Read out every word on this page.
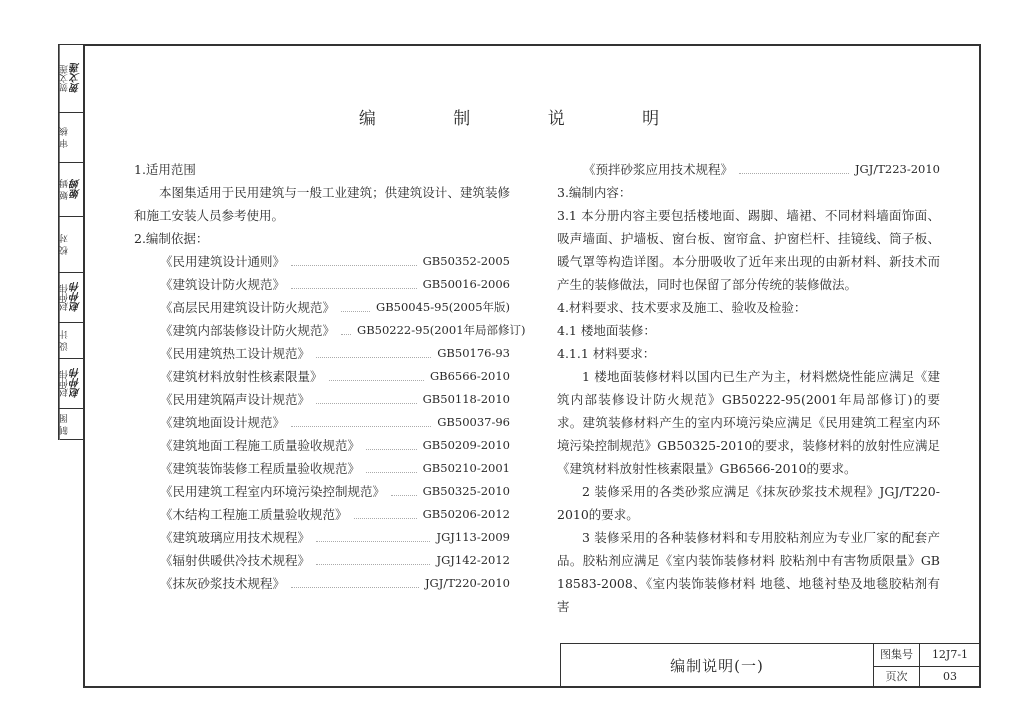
贺文莲 贺文莲
审 核
姬 姆 姬姆
校 对
赵仲伟 赵仲伟
设 计
赵仲伟 赵仲伟
制 图
编 制 说 明

1.适用范围

本图集适用于民用建筑与一般工业建筑；供建筑设计、建筑装修和施工安装人员参考使用。

2.编制依据：

《民用建筑设计通则》	GB50352-2005
《建筑设计防火规范》	GB50016-2006
《高层民用建筑设计防火规范》	GB50045-95(2005年版)
《建筑内部装修设计防火规范》 GB50222-95(2001年局部修订)
《民用建筑热工设计规范》	GB50176-93
《建筑材料放射性核素限量》	GB6566-2010
《民用建筑隔声设计规范》	GB50118-2010
《建筑地面设计规范》	GB50037-96
《建筑地面工程施工质量验收规范》	GB50209-2010
《建筑装饰装修工程质量验收规范》	GB50210-2001
《民用建筑工程室内环境污染控制规范》	GB50325-2010
《木结构工程施工质量验收规范》	GB50206-2012
《建筑玻璃应用技术规程》	JGJ113-2009
《辐射供暖供冷技术规程》	JGJ142-2012
《抹灰砂浆技术规程》	JGJ/T220-2010
《预拌砂浆应用技术规程》	JGJ/T223-2010

3.编制内容：

3.1 本分册内容主要包括楼地面、踢脚、墙裙、不同材料墙面饰面、吸声墙面、护墙板、窗台板、窗帘盒、护窗栏杆、挂镜线、筒子板、暖气罩等构造详图。本分册吸收了近年来出现的由新材料、新技术而产生的装修做法，同时也保留了部分传统的装修做法。

4.材料要求、技术要求及施工、验收及检验：

4.1 楼地面装修：

4.1.1 材料要求：

1 楼地面装修材料以国内已生产为主，材料燃烧性能应满足《建筑内部装修设计防火规范》GB50222-95(2001年局部修订)的要求。建筑装修材料产生的室内环境污染应满足《民用建筑工程室内环境污染控制规范》GB50325-2010的要求，装修材料的放射性应满足《建筑材料放射性核素限量》GB6566-2010的要求。

2 装修采用的各类砂浆应满足《抹灰砂浆技术规程》JGJ/T220-2010的要求。

3 装修采用的各种装修材料和专用胶粘剂应为专业厂家的配套产品。胶粘剂应满足《室内装饰装修材料 胶粘剂中有害物质限量》GB 18583-2008、《室内装饰装修材料 地毯、地毯衬垫及地毯胶粘剂有害

编制说明(一)
图集号	12J7-1
页次	03
